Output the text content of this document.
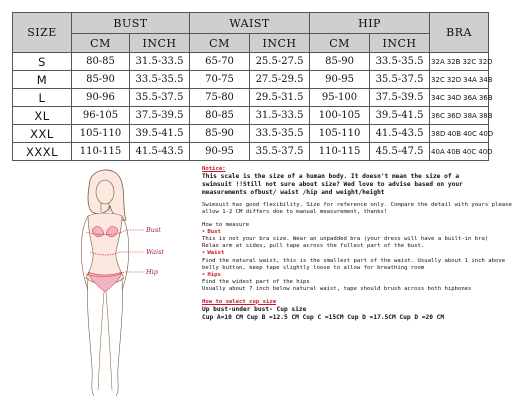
SIZE	BUST		WAIST		HIP		BRA
	CM	INCH	CM	INCH	CM	INCH	
S	80-85	31.5-33.5	65-70	25.5-27.5	85-90	33.5-35.5	32A 32B 32C 32D
M	85-90	33.5-35.5	70-75	27.5-29.5	90-95	35.5-37.5	32C 32D 34A 34B
L	90-96	35.5-37.5	75-80	29.5-31.5	95-100	37.5-39.5	34C 34D 36A 36B
XL	96-105	37.5-39.5	80-85	31.5-33.5	100-105	39.5-41.5	36C 36D 38A 38B
XXL	105-110	39.5-41.5	85-90	33.5-35.5	105-110	41.5-43.5	38D 40B 40C 40D
XXXL	110-115	41.5-43.5	90-95	35.5-37.5	110-115	45.5-47.5	40A 40B 40C 40D
Bust
Waist
Hip
Notice:
This scale is the size of a human body. It doesn't mean the size of a
swimsuit !!Still not sure about size? Wed love to advise based on your
measurements ofbust/ waist /hip and weight/height
Swimsuit has good flexibility. Size for reference only. Compare the detail with yours please
allow 1-2 CM differs doe to manual measurement, thanks!
How to measure
➤ Bust
This is not your bra size. Wear an unpadded bra (your dress will have a built-in bra)
Relax arm at sides, pull tape across the fullest part of the bust.
➤ Waist
Find the natural waist, this is the smallest part of the waist. Usually about 1 inch above
belly button, keep tape slightly loose to allow for breathing room
➤ Hips
Find the widest part of the hips
Usually about 7 inch below natural waist, tape should brush across both hipbones
How to select cup size
Up bust-under bust- Cup size
Cup A=10 CM Cup B =12.5 CM Cup C =15CM Cup D =17.5CM Cup D =20 CM
